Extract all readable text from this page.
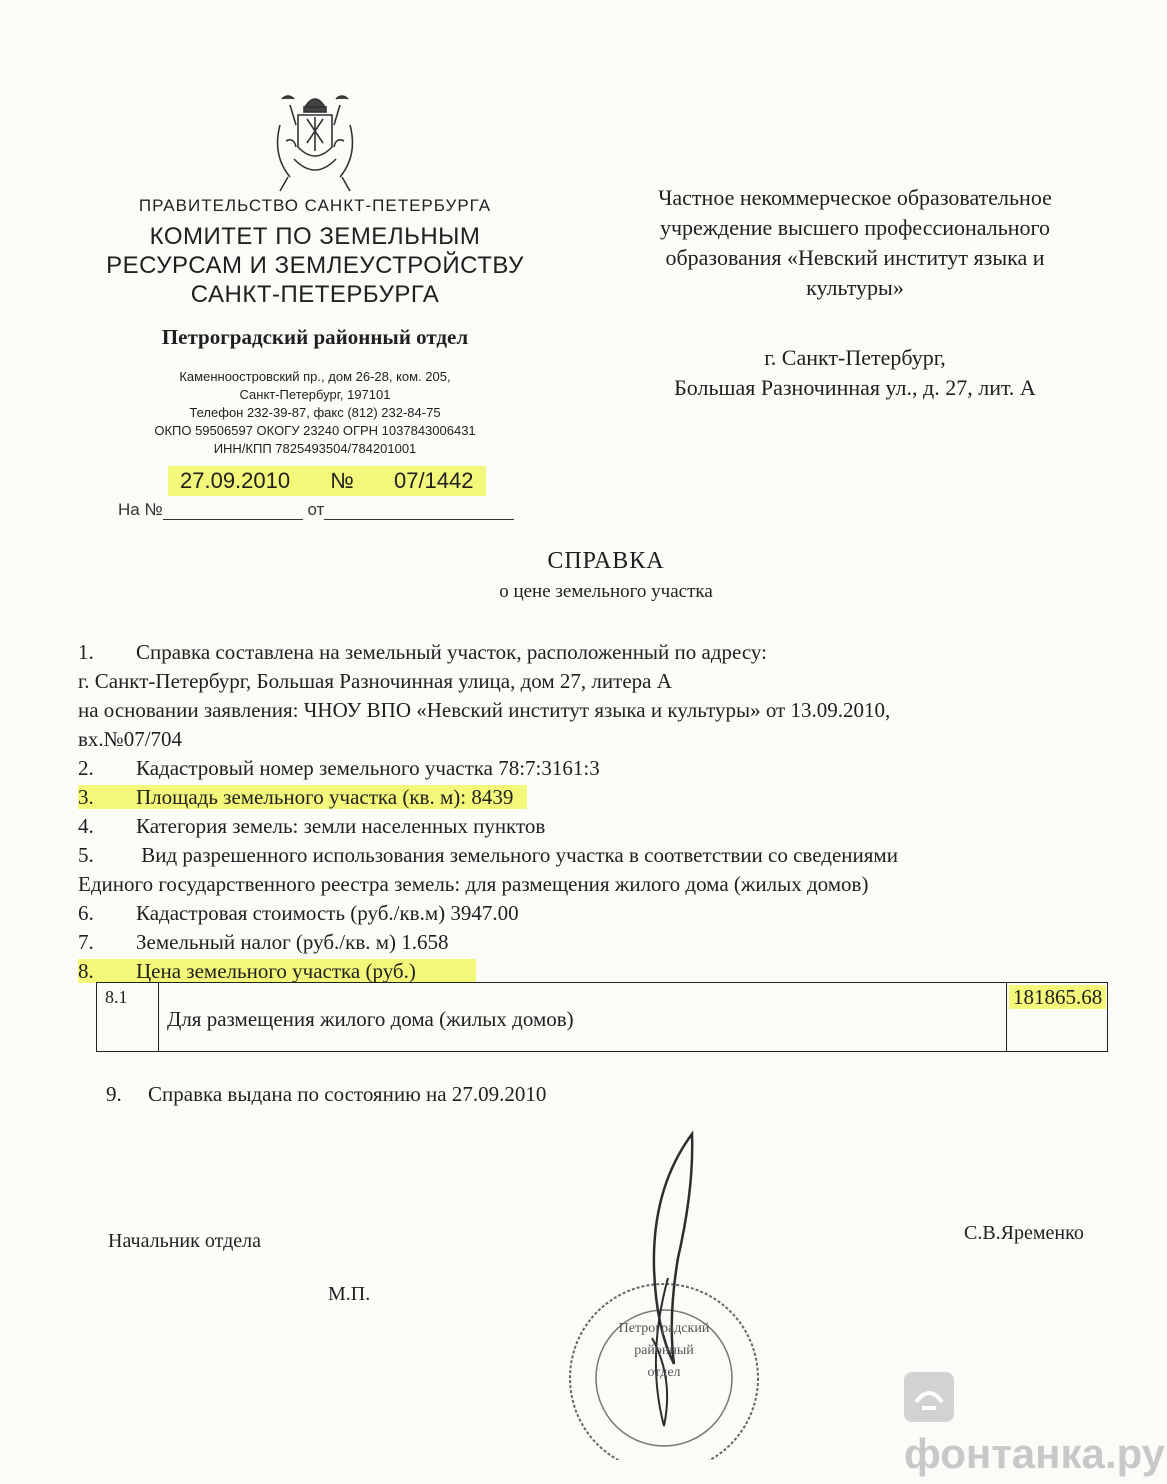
ПРАВИТЕЛЬСТВО САНКТ-ПЕТЕРБУРГА
КОМИТЕТ ПО ЗЕМЕЛЬНЫМ
РЕСУРСАМ И ЗЕМЛЕУСТРОЙСТВУ
САНКТ-ПЕТЕРБУРГА
Петроградский районный отдел
Каменноостровский пр., дом 26-28, ком. 205,
Санкт-Петербург, 197101
Телефон 232-39-87, факс (812) 232-84-75
ОКПО 59506597 ОКОГУ 23240 ОГРН 1037843006431
ИНН/КПП 7825493504/784201001
27.09.2010 № 07/1442
На №	от
Частное некоммерческое образовательное
учреждение высшего профессионального
образования «Невский институт языка и
культуры»
г. Санкт-Петербург,
Большая Разночинная ул., д. 27, лит. А
СПРАВКА
о цене земельного участка
1. Справка составлена на земельный участок, расположенный по адресу:
г. Санкт-Петербург, Большая Разночинная улица, дом 27, литера А
на основании заявления: ЧНОУ ВПО «Невский институт языка и культуры» от 13.09.2010,
вх.№07/704
2. Кадастровый номер земельного участка 78:7:3161:3
3. Площадь земельного участка (кв. м): 8439
4. Категория земель: земли населенных пунктов
5. Вид разрешенного использования земельного участка в соответствии со сведениями
Единого государственного реестра земель: для размещения жилого дома (жилых домов)
6. Кадастровая стоимость (руб./кв.м) 3947.00
7. Земельный налог (руб./кв. м) 1.658
8. Цена земельного участка (руб.)
8.1
Для размещения жилого дома (жилых домов)
181865.68
9. Справка выдана по состоянию на 27.09.2010
Начальник отдела
М.П.
С.В.Яременко
Петроградский
районный
отдел
фонтанка.ру
